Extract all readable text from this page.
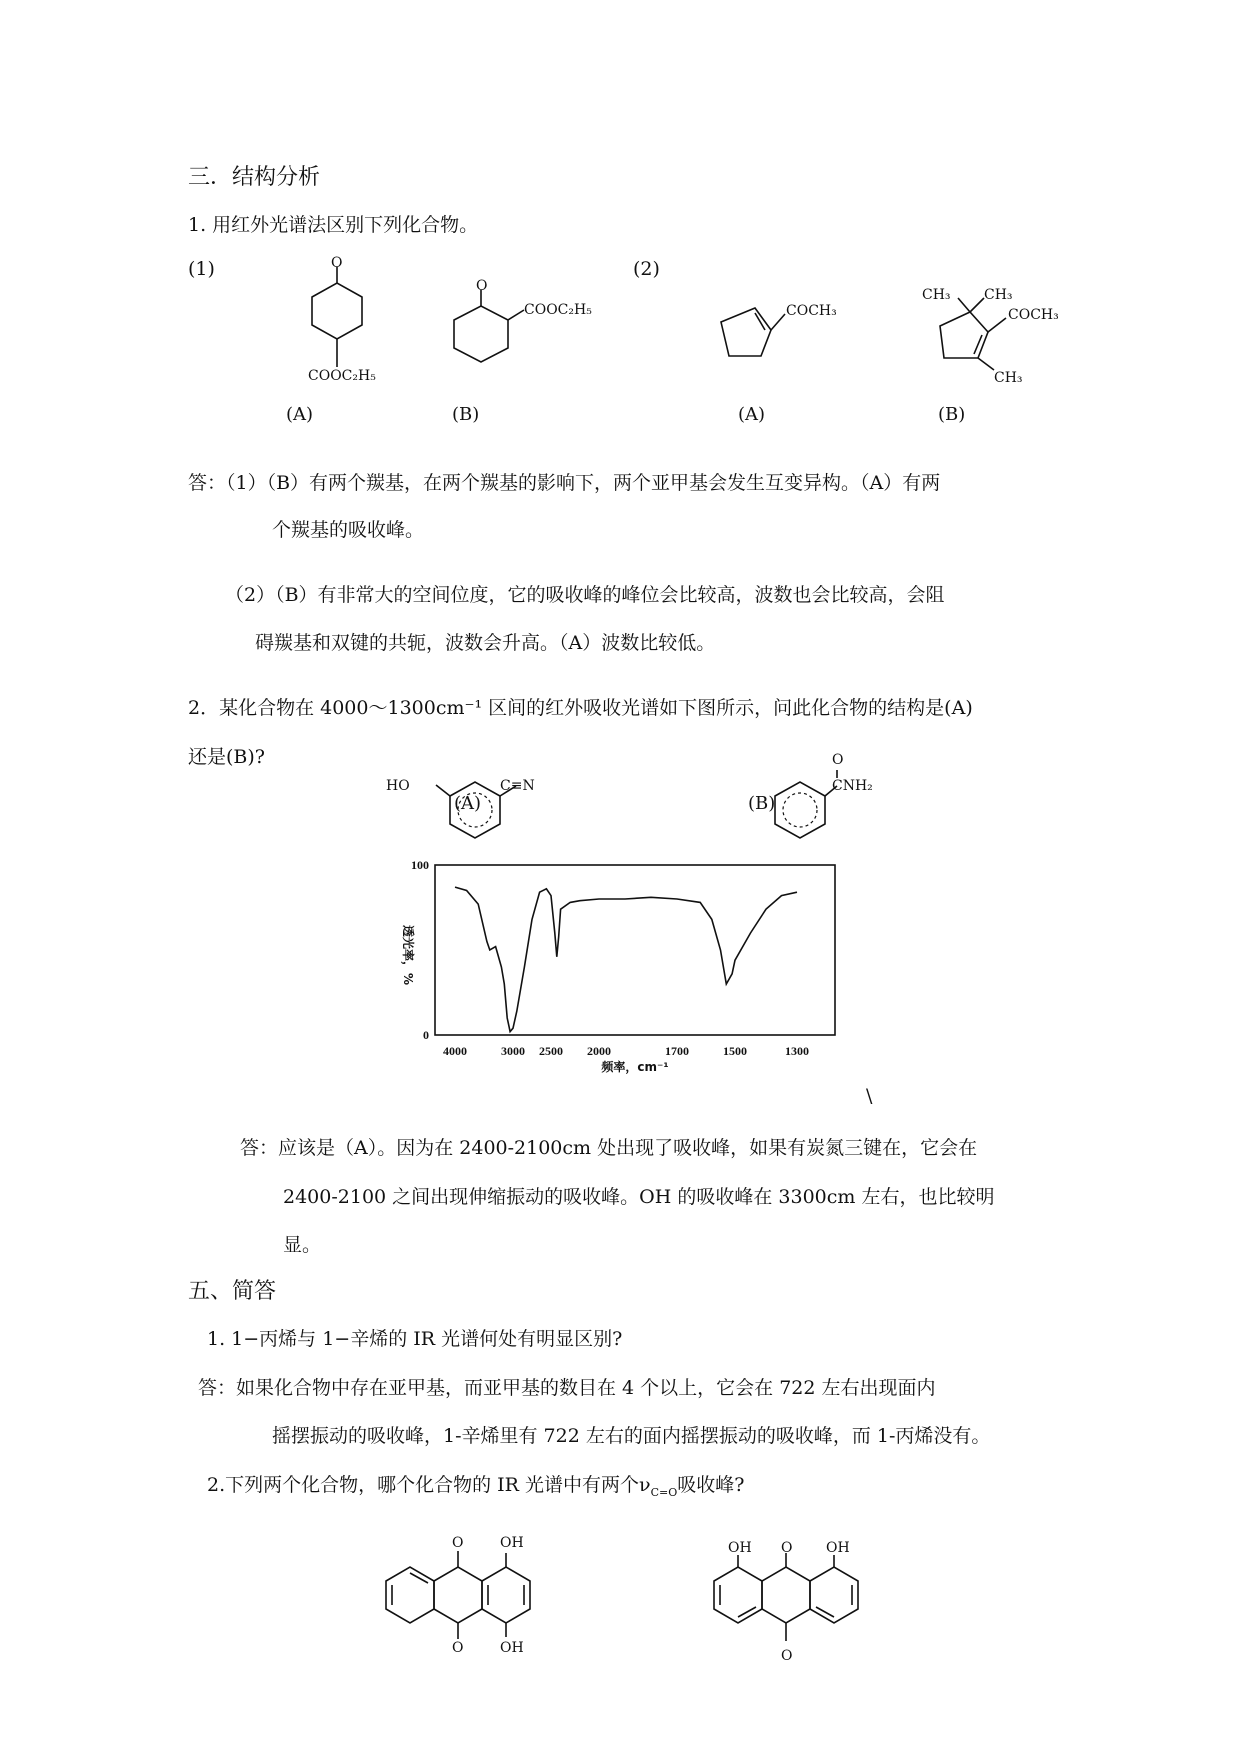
三．结构分析
1. 用红外光谱法区别下列化合物。
(1)	(2)
O
COOC₂H₅
(A)
O
COOC₂H₅
(B)
COCH₃
(A)
CH₃ CH₃
COCH₃
CH₃
(B)
答：（1）（B）有两个羰基，在两个羰基的影响下，两个亚甲基会发生互变异构。（A）有两
个羰基的吸收峰。
（2）（B）有非常大的空间位度，它的吸收峰的峰位会比较高，波数也会比较高，会阻
碍羰基和双键的共轭，波数会升高。（A）波数比较低。
2．某化合物在 4000～1300cm⁻¹ 区间的红外吸收光谱如下图所示，问此化合物的结构是(A)
还是(B)?
HO	C≡N
(A)
O
CNH₂
(B)
4000	3000 2500 2000	1700	1500	1300
100
0
透光率，%
频率，cm⁻¹
\
答：应该是（A）。因为在 2400-2100cm 处出现了吸收峰，如果有炭氮三键在，它会在
2400-2100 之间出现伸缩振动的吸收峰。OH 的吸收峰在 3300cm 左右，也比较明
显。
五、简答
1. 1−丙烯与 1−辛烯的 IR 光谱何处有明显区别?
答：如果化合物中存在亚甲基，而亚甲基的数目在 4 个以上，它会在 722 左右出现面内
摇摆振动的吸收峰，1-辛烯里有 722 左右的面内摇摆振动的吸收峰，而 1-丙烯没有。
2.下列两个化合物，哪个化合物的 IR 光谱中有两个$\nu_{C=O}$吸收峰?
O	OH
O	OH
OH O OH
O
